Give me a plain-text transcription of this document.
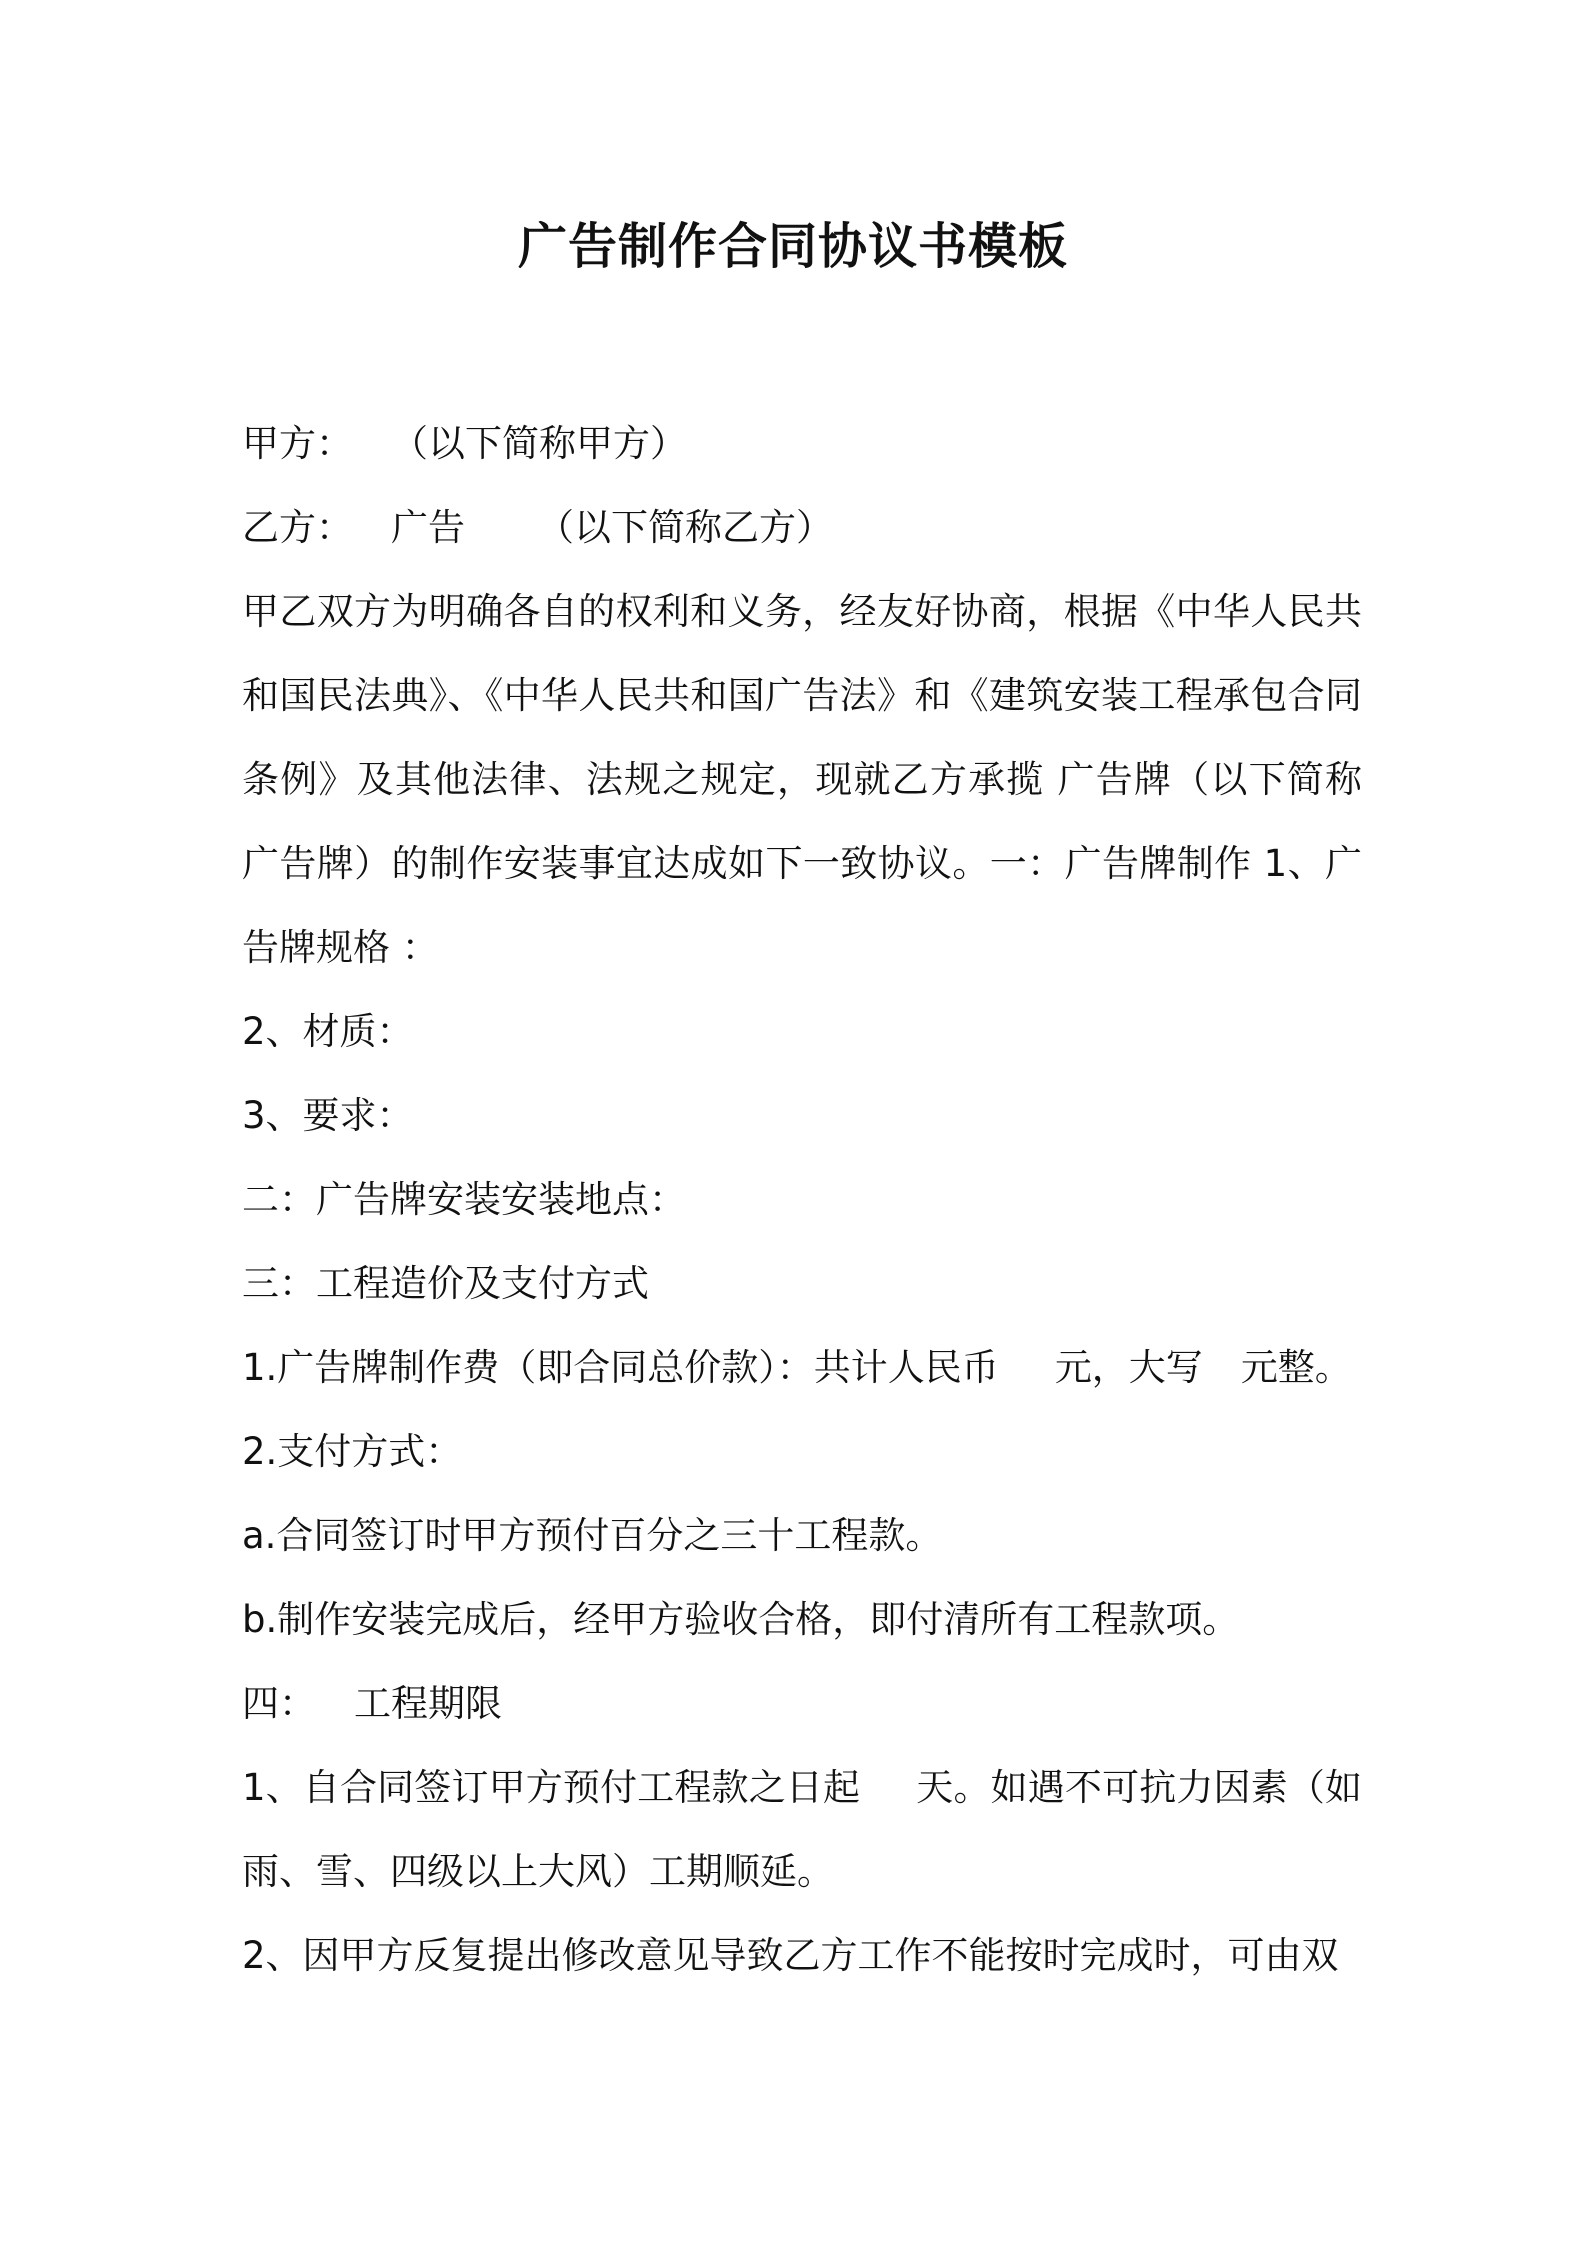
广告制作合同协议书模板

甲方： （以下简称甲方）

乙方： 广告 （以下简称乙方）

甲乙双方为明确各自的权利和义务，经友好协商，根据《中华人民共和国民法典》、《中华人民共和国广告法》和《建筑安装工程承包合同条例》及其他法律、法规之规定，现就乙方承揽 广告牌（以下简称广告牌）的制作安装事宜达成如下一致协议。一：广告牌制作 1、广告牌规格 ：

2、材质：

3、要求：

二：广告牌安装安装地点：

三：工程造价及支付方式

1.广告牌制作费（即合同总价款）：共计人民币 元，大写 元整。

2.支付方式：

a.合同签订时甲方预付百分之三十工程款。

b.制作安装完成后，经甲方验收合格，即付清所有工程款项。

四： 工程期限

1、自合同签订甲方预付工程款之日起 天。如遇不可抗力因素（如雨、雪、四级以上大风）工期顺延。

2、因甲方反复提出修改意见导致乙方工作不能按时完成时，可由双
